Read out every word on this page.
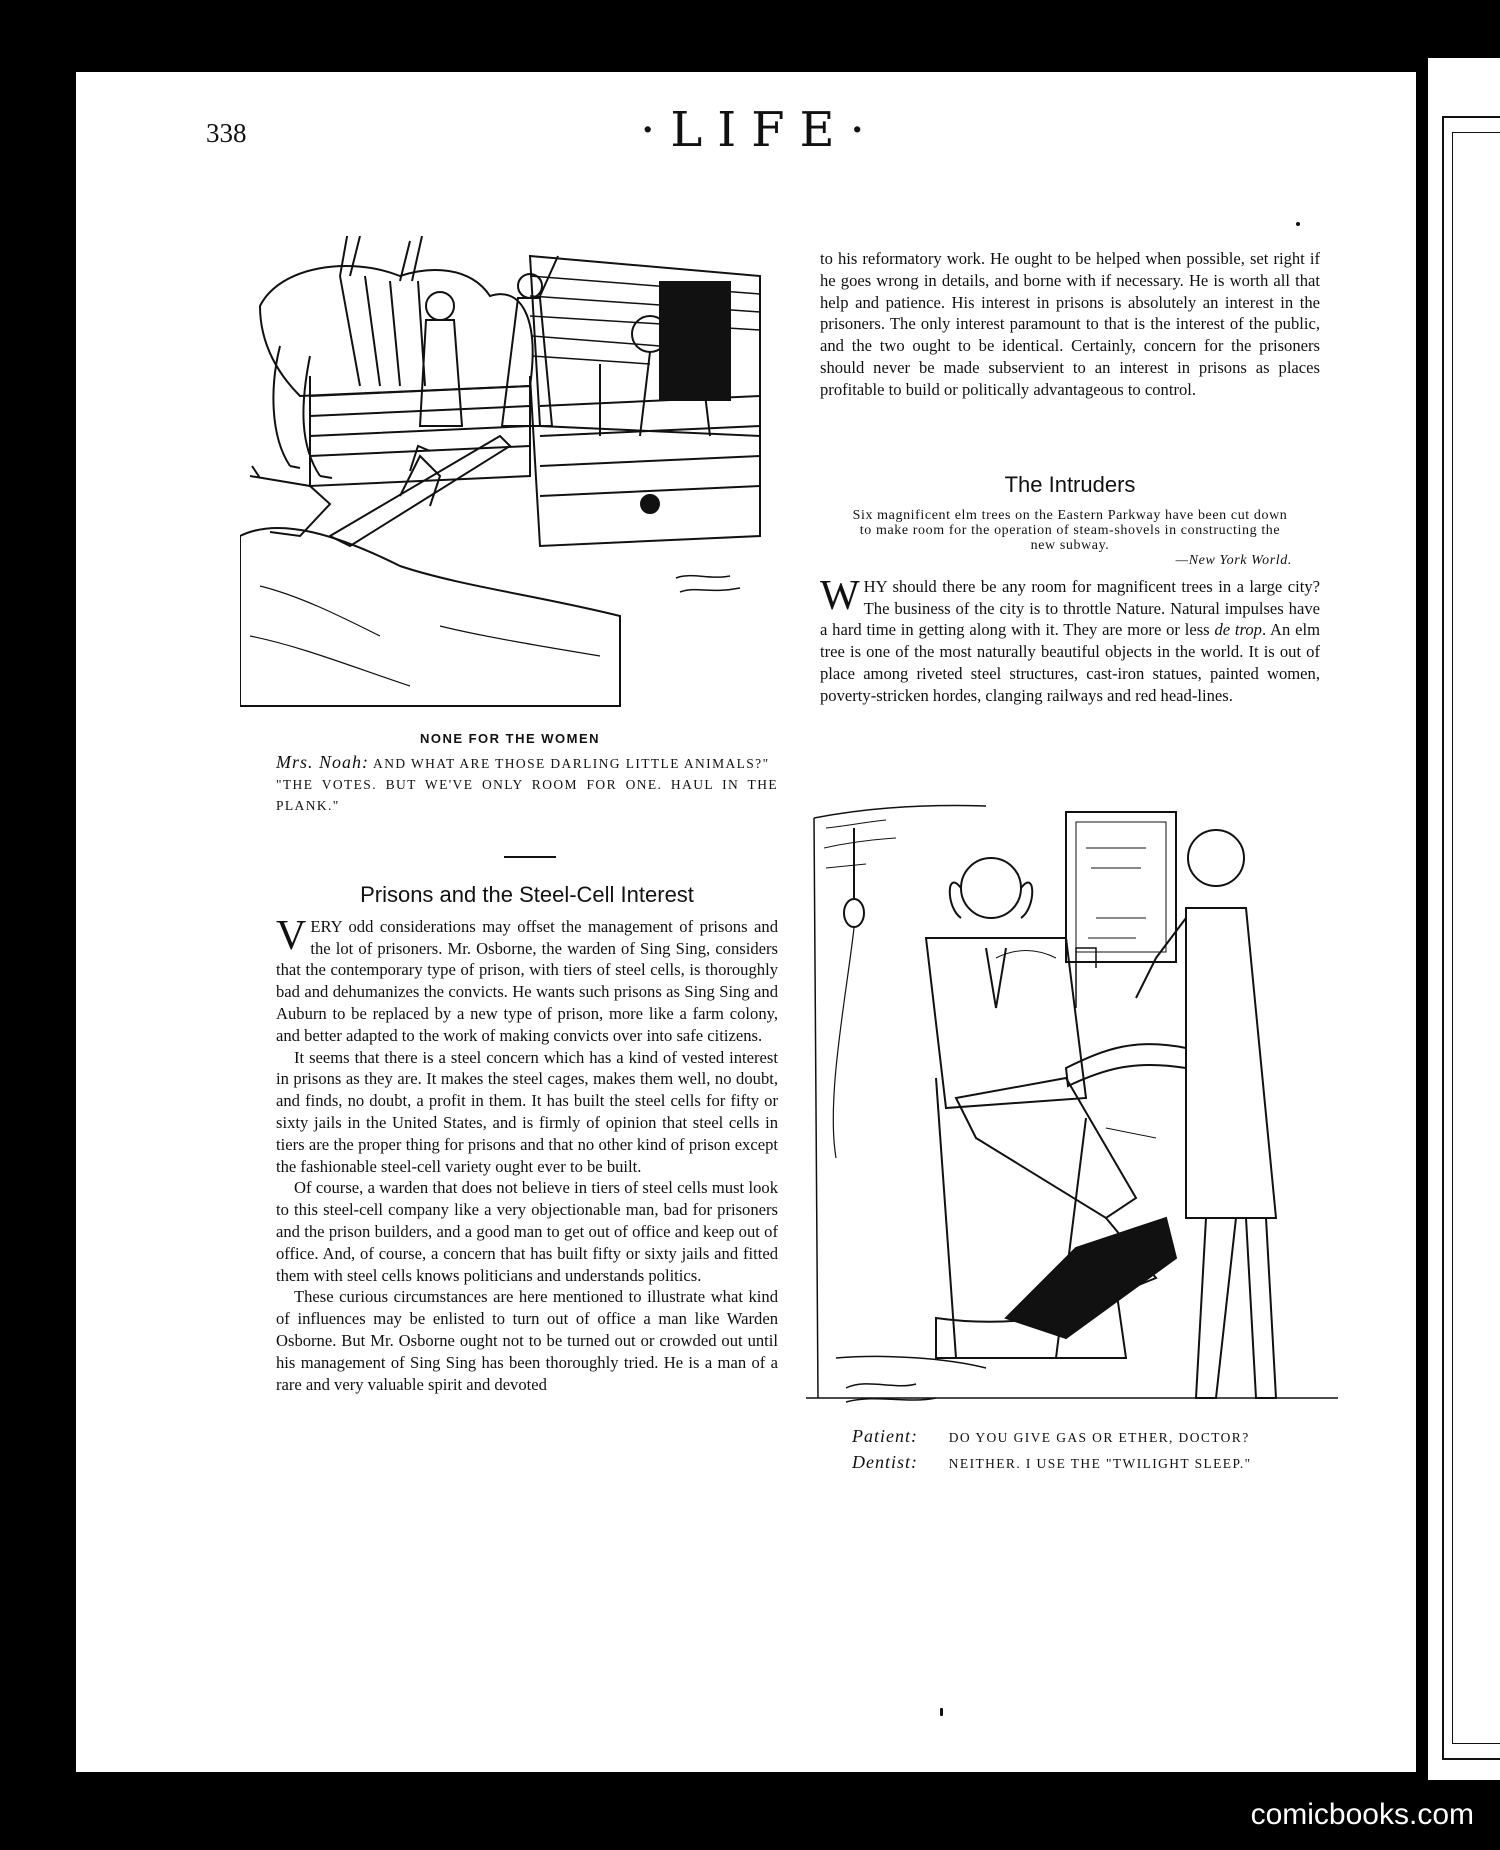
338	·LIFE·
NONE FOR THE WOMEN
Mrs. Noah: AND WHAT ARE THOSE DARLING LITTLE ANIMALS?"
"THE VOTES. BUT WE'VE ONLY ROOM FOR ONE. HAUL IN THE PLANK."
Prisons and the Steel-Cell Interest

VERY odd considerations may offset the management of prisons and the lot of prisoners. Mr. Osborne, the warden of Sing Sing, considers that the contemporary type of prison, with tiers of steel cells, is thoroughly bad and dehumanizes the convicts. He wants such prisons as Sing Sing and Auburn to be replaced by a new type of prison, more like a farm colony, and better adapted to the work of making convicts over into safe citizens.

It seems that there is a steel concern which has a kind of vested interest in prisons as they are. It makes the steel cages, makes them well, no doubt, and finds, no doubt, a profit in them. It has built the steel cells for fifty or sixty jails in the United States, and is firmly of opinion that steel cells in tiers are the proper thing for prisons and that no other kind of prison except the fashionable steel-cell variety ought ever to be built.

Of course, a warden that does not believe in tiers of steel cells must look to this steel-cell company like a very objectionable man, bad for prisoners and the prison builders, and a good man to get out of office and keep out of office. And, of course, a concern that has built fifty or sixty jails and fitted them with steel cells knows politicians and understands politics.

These curious circumstances are here mentioned to illustrate what kind of influences may be enlisted to turn out of office a man like Warden Osborne. But Mr. Osborne ought not to be turned out or crowded out until his management of Sing Sing has been thoroughly tried. He is a man of a rare and very valuable spirit and devoted

to his reformatory work. He ought to be helped when possible, set right if he goes wrong in details, and borne with if necessary. He is worth all that help and patience. His interest in prisons is absolutely an interest in the prisoners. The only interest paramount to that is the interest of the public, and the two ought to be identical. Certainly, concern for the prisoners should never be made subservient to an interest in prisons as places profitable to build or politically advantageous to control.

The Intruders
Six magnificent elm trees on the Eastern Parkway have been cut down to make room for the operation of steam-shovels in constructing the new subway.
—New York World.

WHY should there be any room for magnificent trees in a large city? The business of the city is to throttle Nature. Natural impulses have a hard time in getting along with it. They are more or less de trop. An elm tree is one of the most naturally beautiful objects in the world. It is out of place among riveted steel structures, cast-iron statues, painted women, poverty-stricken hordes, clanging railways and red head-lines.

Patient: DO YOU GIVE GAS OR ETHER, DOCTOR?
Dentist: NEITHER. I USE THE "TWILIGHT SLEEP."
comicbooks.com
